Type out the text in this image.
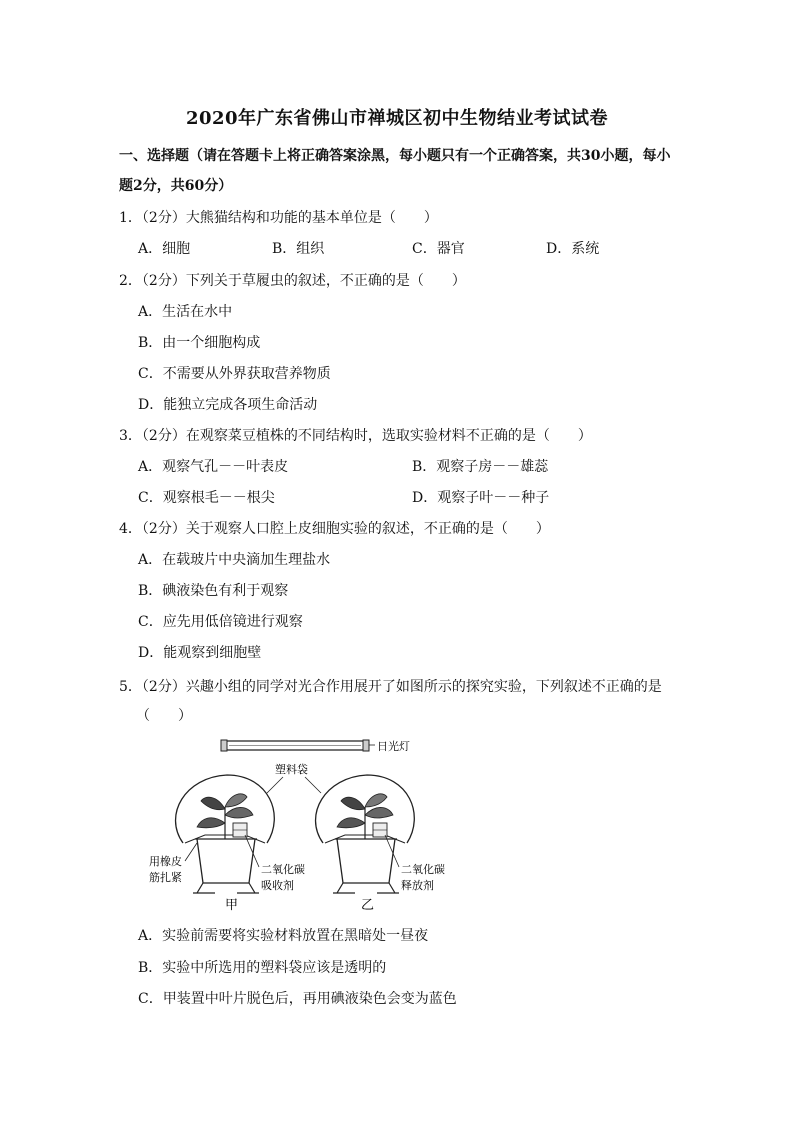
2020年广东省佛山市禅城区初中生物结业考试试卷
一、选择题（请在答题卡上将正确答案涂黑，每小题只有一个正确答案，共30小题，每小
题2分，共60分）
1．（2分）大熊猫结构和功能的基本单位是（　　）
A．细胞	B．组织	C．器官	D．系统
2．（2分）下列关于草履虫的叙述，不正确的是（　　）
A．生活在水中
B．由一个细胞构成
C．不需要从外界获取营养物质
D．能独立完成各项生命活动
3．（2分）在观察菜豆植株的不同结构时，选取实验材料不正确的是（　　）
A．观察气孔－－叶表皮	B．观察子房－－雄蕊
C．观察根毛－－根尖	D．观察子叶－－种子
4．（2分）关于观察人口腔上皮细胞实验的叙述，不正确的是（　　）
A．在载玻片中央滴加生理盐水
B．碘液染色有利于观察
C．应先用低倍镜进行观察
D．能观察到细胞壁
5．（2分）兴趣小组的同学对光合作用展开了如图所示的探究实验，下列叙述不正确的是
（　　）
日光灯
塑料袋
用橡皮
筋扎紧
二氧化碳
吸收剂
甲
二氧化碳
释放剂
乙
A．实验前需要将实验材料放置在黑暗处一昼夜
B．实验中所选用的塑料袋应该是透明的
C．甲装置中叶片脱色后，再用碘液染色会变为蓝色
